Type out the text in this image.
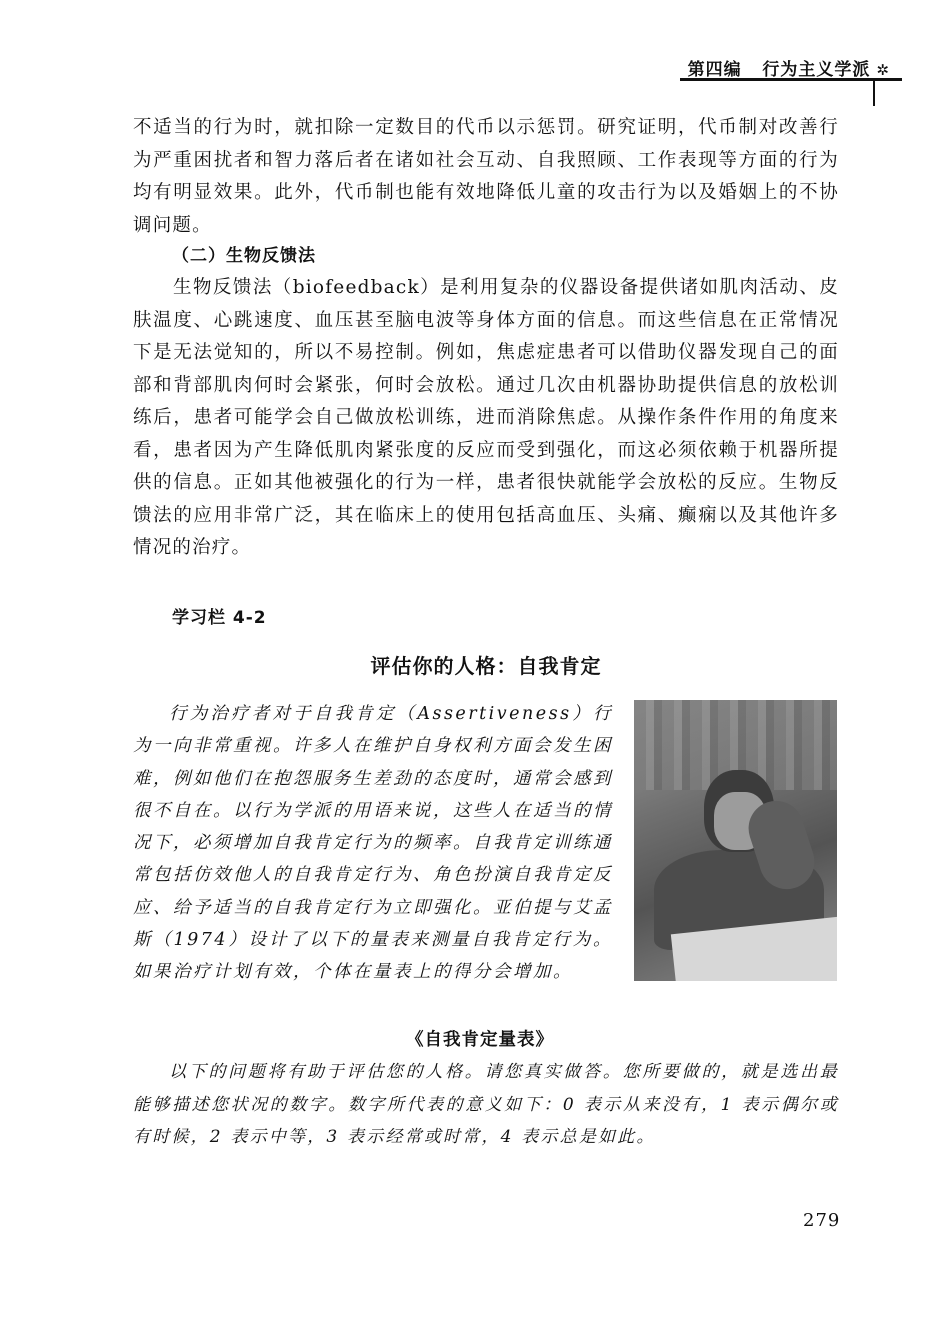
第四编 行为主义学派 ✲
不适当的行为时，就扣除一定数目的代币以示惩罚。研究证明，代币制对改善行为严重困扰者和智力落后者在诸如社会互动、自我照顾、工作表现等方面的行为均有明显效果。此外，代币制也能有效地降低儿童的攻击行为以及婚姻上的不协调问题。
（二）生物反馈法
生物反馈法（biofeedback）是利用复杂的仪器设备提供诸如肌肉活动、皮肤温度、心跳速度、血压甚至脑电波等身体方面的信息。而这些信息在正常情况下是无法觉知的，所以不易控制。例如，焦虑症患者可以借助仪器发现自己的面部和背部肌肉何时会紧张，何时会放松。通过几次由机器协助提供信息的放松训练后，患者可能学会自己做放松训练，进而消除焦虑。从操作条件作用的角度来看，患者因为产生降低肌肉紧张度的反应而受到强化，而这必须依赖于机器所提供的信息。正如其他被强化的行为一样，患者很快就能学会放松的反应。生物反馈法的应用非常广泛，其在临床上的使用包括高血压、头痛、癫痫以及其他许多情况的治疗。
学习栏 4-2
评估你的人格：自我肯定
行为治疗者对于自我肯定（Assertiveness）行为一向非常重视。许多人在维护自身权利方面会发生困难，例如他们在抱怨服务生差劲的态度时，通常会感到很不自在。以行为学派的用语来说，这些人在适当的情况下，必须增加自我肯定行为的频率。自我肯定训练通常包括仿效他人的自我肯定行为、角色扮演自我肯定反应、给予适当的自我肯定行为立即强化。亚伯提与艾孟斯（1974）设计了以下的量表来测量自我肯定行为。如果治疗计划有效，个体在量表上的得分会增加。
《自我肯定量表》
以下的问题将有助于评估您的人格。请您真实做答。您所要做的，就是选出最能够描述您状况的数字。数字所代表的意义如下：0 表示从来没有，1 表示偶尔或有时候，2 表示中等，3 表示经常或时常，4 表示总是如此。
279
